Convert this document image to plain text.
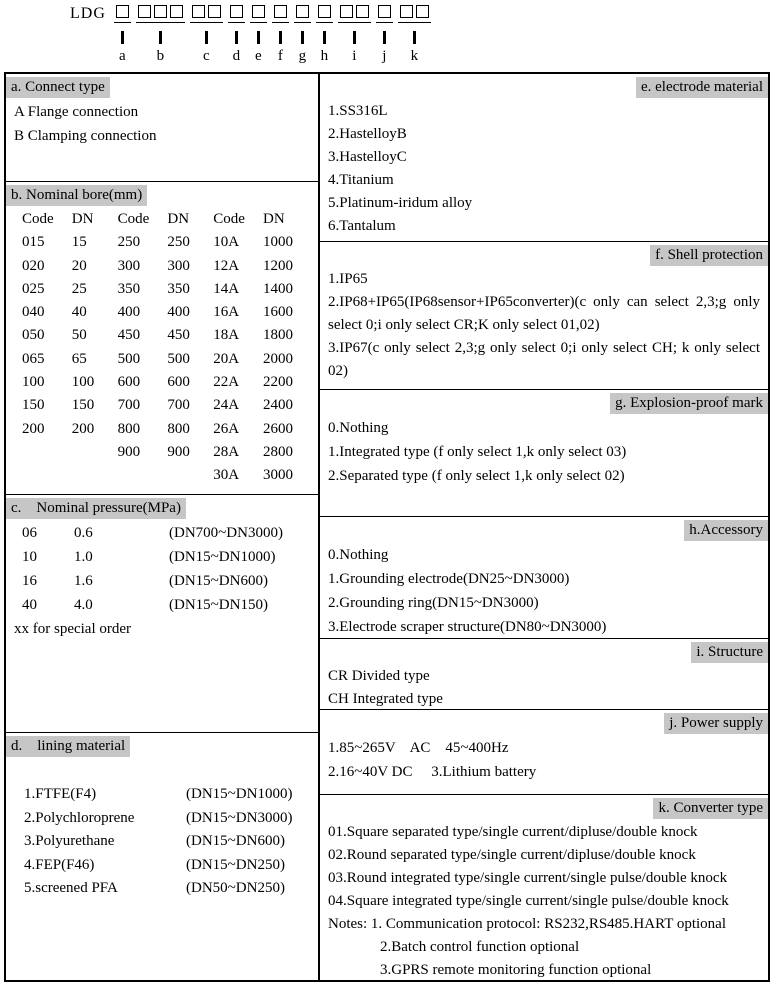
LDG
a b	c d e f g h i j k
a. Connect type
A Flange connection
B Clamping connection
b. Nominal bore(mm)
Code	DN	Code	DN	Code	DN
015	15	250	250	10A	1000
020	20	300	300	12A	1200
025	25	350	350	14A	1400
040	40	400	400	16A	1600
050	50	450	450	18A	1800
065	65	500	500	20A	2000
100	100	600	600	22A	2200
150	150	700	700	24A	2400
200	200	800	800	26A	2600
		900	900	28A	2800
				30A	3000
c.    Nominal pressure(MPa)
06	0.6	(DN700~DN3000)
10	1.0	(DN15~DN1000)
16	1.6	(DN15~DN600)
40	4.0	(DN15~DN150)
xx for special order
d.    lining material
1.FTFE(F4)	(DN15~DN1000)
2.Polychloroprene	(DN15~DN3000)
3.Polyurethane	(DN15~DN600)
4.FEP(F46)	(DN15~DN250)
5.screened PFA	(DN50~DN250)
e. electrode material
1.SS316L
2.HastelloyB
3.HastelloyC
4.Titanium
5.Platinum-iridum alloy
6.Tantalum
f. Shell protection
1.IP65
2.IP68+IP65(IP68sensor+IP65converter)(c only can select 2,3;g only select 0;i only select CR;K only select 01,02)
3.IP67(c only select 2,3;g only select 0;i only select CH; k only select 02)
g. Explosion-proof mark
0.Nothing
1.Integrated type (f only select 1,k only select 03)
2.Separated type (f only select 1,k only select 02)
h.Accessory
0.Nothing
1.Grounding electrode(DN25~DN3000)
2.Grounding ring(DN15~DN3000)
3.Electrode scraper structure(DN80~DN3000)
i. Structure
CR Divided type
CH Integrated type
j. Power supply
1.85~265V    AC    45~400Hz
2.16~40V DC     3.Lithium battery
k. Converter type
01.Square separated type/single current/dipluse/double knock
02.Round separated type/single current/dipluse/double knock
03.Round integrated type/single current/single pulse/double knock
04.Square integrated type/single current/single pulse/double knock
Notes: 1. Communication protocol: RS232,RS485.HART optional
2.Batch control function optional
3.GPRS remote monitoring function optional
